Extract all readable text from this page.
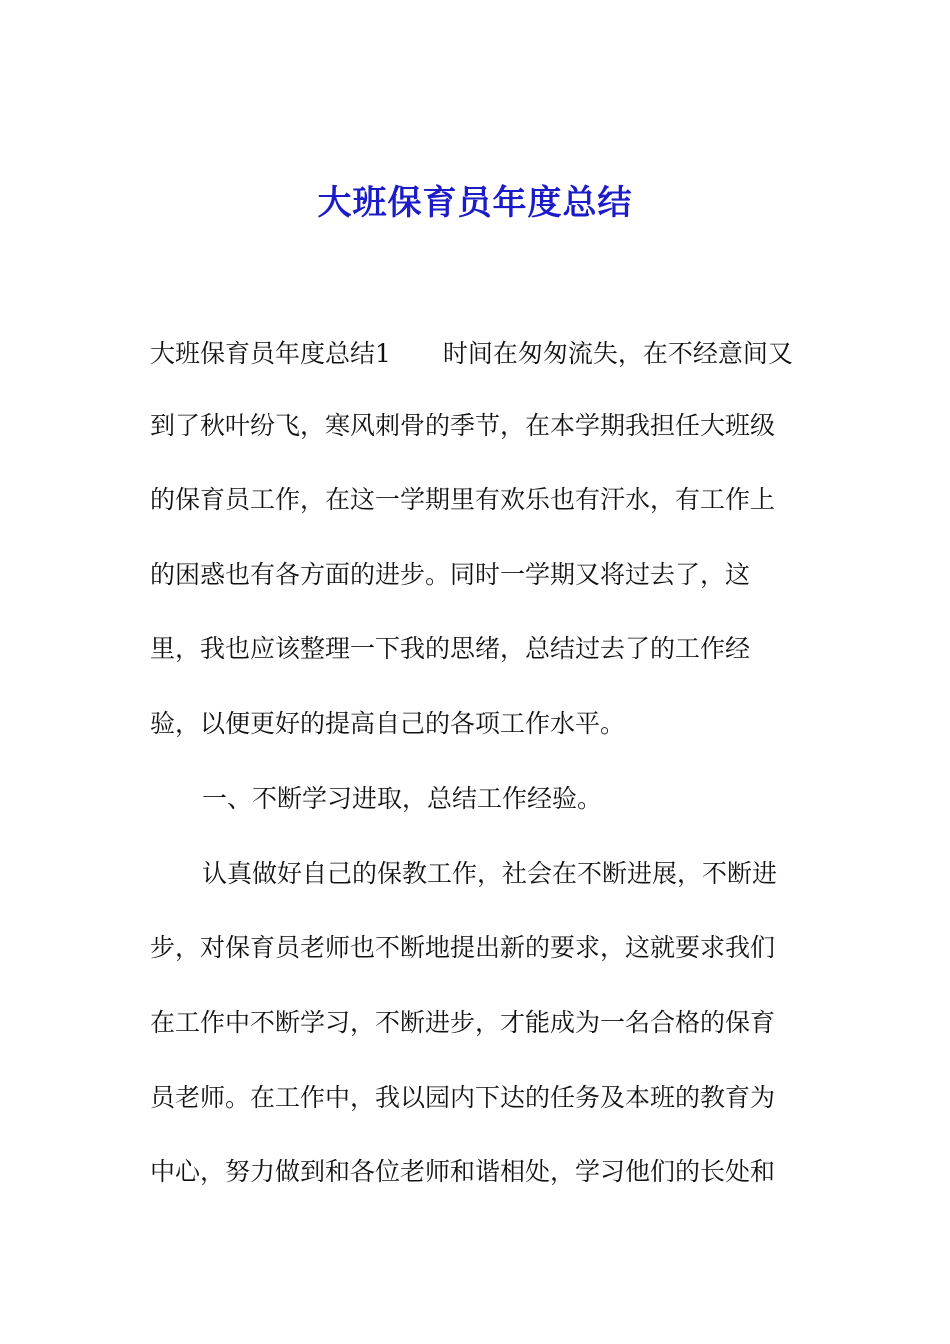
大班保育员年度总结
大班保育员年度总结1 时间在匆匆流失，在不经意间又
到了秋叶纷飞，寒风刺骨的季节，在本学期我担任大班级
的保育员工作，在这一学期里有欢乐也有汗水，有工作上
的困惑也有各方面的进步。同时一学期又将过去了，这
里，我也应该整理一下我的思绪，总结过去了的工作经
验，以便更好的提高自己的各项工作水平。
一、不断学习进取，总结工作经验。
认真做好自己的保教工作，社会在不断进展，不断进
步，对保育员老师也不断地提出新的要求，这就要求我们
在工作中不断学习，不断进步，才能成为一名合格的保育
员老师。在工作中，我以园内下达的任务及本班的教育为
中心，努力做到和各位老师和谐相处，学习他们的长处和
